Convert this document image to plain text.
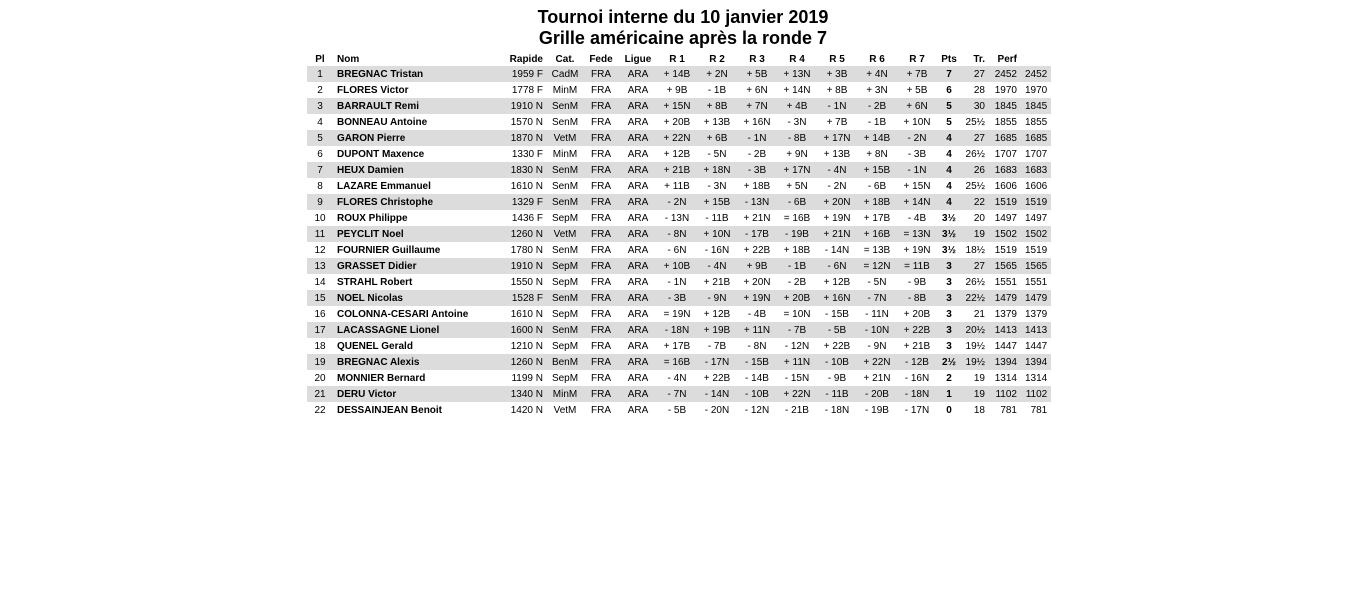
Tournoi interne du 10 janvier 2019
Grille américaine après la ronde 7
Pl	Nom	Rapide	Cat.	Fede	Ligue	R 1	R 2	R 3	R 4	R 5	R 6	R 7	Pts	Tr.	Perf	
1	BREGNAC Tristan	1959 F	CadM	FRA	ARA	+ 14B	+ 2N	+ 5B	+ 13N	+ 3B	+ 4N	+ 7B	7	27	2452	2452
2	FLORES Victor	1778 F	MinM	FRA	ARA	+ 9B	- 1B	+ 6N	+ 14N	+ 8B	+ 3N	+ 5B	6	28	1970	1970
3	BARRAULT Remi	1910 N	SenM	FRA	ARA	+ 15N	+ 8B	+ 7N	+ 4B	- 1N	- 2B	+ 6N	5	30	1845	1845
4	BONNEAU Antoine	1570 N	SenM	FRA	ARA	+ 20B	+ 13B	+ 16N	- 3N	+ 7B	- 1B	+ 10N	5	25½	1855	1855
5	GARON Pierre	1870 N	VetM	FRA	ARA	+ 22N	+ 6B	- 1N	- 8B	+ 17N	+ 14B	- 2N	4	27	1685	1685
6	DUPONT Maxence	1330 F	MinM	FRA	ARA	+ 12B	- 5N	- 2B	+ 9N	+ 13B	+ 8N	- 3B	4	26½	1707	1707
7	HEUX Damien	1830 N	SenM	FRA	ARA	+ 21B	+ 18N	- 3B	+ 17N	- 4N	+ 15B	- 1N	4	26	1683	1683
8	LAZARE Emmanuel	1610 N	SenM	FRA	ARA	+ 11B	- 3N	+ 18B	+ 5N	- 2N	- 6B	+ 15N	4	25½	1606	1606
9	FLORES Christophe	1329 F	SenM	FRA	ARA	- 2N	+ 15B	- 13N	- 6B	+ 20N	+ 18B	+ 14N	4	22	1519	1519
10	ROUX Philippe	1436 F	SepM	FRA	ARA	- 13N	- 11B	+ 21N	= 16B	+ 19N	+ 17B	- 4B	3½	20	1497	1497
11	PEYCLIT Noel	1260 N	VetM	FRA	ARA	- 8N	+ 10N	- 17B	- 19B	+ 21N	+ 16B	= 13N	3½	19	1502	1502
12	FOURNIER Guillaume	1780 N	SenM	FRA	ARA	- 6N	- 16N	+ 22B	+ 18B	- 14N	= 13B	+ 19N	3½	18½	1519	1519
13	GRASSET Didier	1910 N	SepM	FRA	ARA	+ 10B	- 4N	+ 9B	- 1B	- 6N	= 12N	= 11B	3	27	1565	1565
14	STRAHL Robert	1550 N	SepM	FRA	ARA	- 1N	+ 21B	+ 20N	- 2B	+ 12B	- 5N	- 9B	3	26½	1551	1551
15	NOEL Nicolas	1528 F	SenM	FRA	ARA	- 3B	- 9N	+ 19N	+ 20B	+ 16N	- 7N	- 8B	3	22½	1479	1479
16	COLONNA-CESARI Antoine	1610 N	SepM	FRA	ARA	= 19N	+ 12B	- 4B	= 10N	- 15B	- 11N	+ 20B	3	21	1379	1379
17	LACASSAGNE Lionel	1600 N	SenM	FRA	ARA	- 18N	+ 19B	+ 11N	- 7B	- 5B	- 10N	+ 22B	3	20½	1413	1413
18	QUENEL Gerald	1210 N	SepM	FRA	ARA	+ 17B	- 7B	- 8N	- 12N	+ 22B	- 9N	+ 21B	3	19½	1447	1447
19	BREGNAC Alexis	1260 N	BenM	FRA	ARA	= 16B	- 17N	- 15B	+ 11N	- 10B	+ 22N	- 12B	2½	19½	1394	1394
20	MONNIER Bernard	1199 N	SepM	FRA	ARA	- 4N	+ 22B	- 14B	- 15N	- 9B	+ 21N	- 16N	2	19	1314	1314
21	DERU Victor	1340 N	MinM	FRA	ARA	- 7N	- 14N	- 10B	+ 22N	- 11B	- 20B	- 18N	1	19	1102	1102
22	DESSAINJEAN Benoit	1420 N	VetM	FRA	ARA	- 5B	- 20N	- 12N	- 21B	- 18N	- 19B	- 17N	0	18	781	781
